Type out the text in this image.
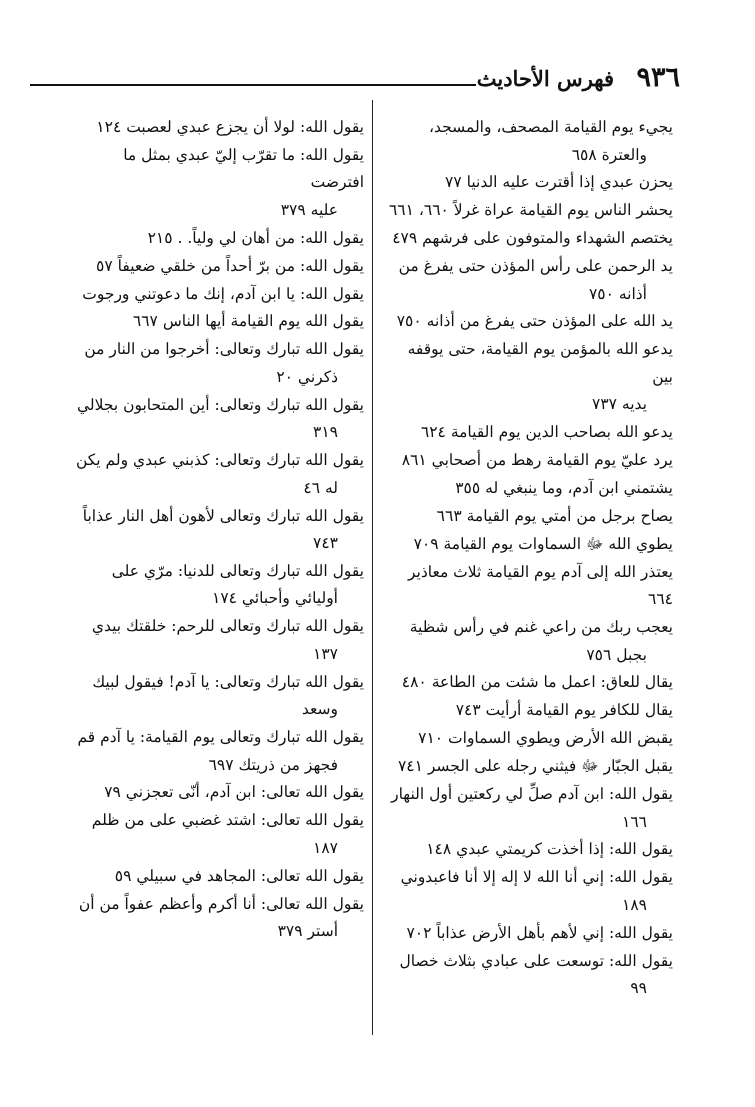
٩٣٦
فهرس الأحاديث
يجيء يوم القيامة المصحف، والمسجد،
والعترة ٦٥٨
يحزن عبدي إذا أقترت عليه الدنيا ٧٧
يحشر الناس يوم القيامة عراة غرلاً ٦٦٠، ٦٦١
يختصم الشهداء والمتوفون على فرشهم ٤٧٩
يد الرحمن على رأس المؤذن حتى يفرغ من
أذانه ٧٥٠
يد الله على المؤذن حتى يفرغ من أذانه ٧٥٠
يدعو الله بالمؤمن يوم القيامة، حتى يوقفه بين
يديه ٧٣٧
يدعو الله بصاحب الدين يوم القيامة ٦٢٤
يرد عليّ يوم القيامة رهط من أصحابي ٨٦١
يشتمني ابن آدم، وما ينبغي له ٣٥٥
يصاح برجل من أمتي يوم القيامة ٦٦٣
يطوي الله ﷻ السماوات يوم القيامة ٧٠٩
يعتذر الله إلى آدم يوم القيامة ثلاث معاذير ٦٦٤
يعجب ربك من راعي غنم في رأس شظية
بجبل ٧٥٦
يقال للعاق: اعمل ما شئت من الطاعة ٤٨٠
يقال للكافر يوم القيامة أرأيت ٧٤٣
يقبض الله الأرض ويطوي السماوات ٧١٠
يقبل الجبّار ﷻ فيثني رجله على الجسر ٧٤١
يقول الله: ابن آدم صلِّ لي ركعتين أول النهار
١٦٦
يقول الله: إذا أخذت كريمتي عبدي ١٤٨
يقول الله: إني أنا الله لا إله إلا أنا فاعبدوني
١٨٩
يقول الله: إني لأهم بأهل الأرض عذاباً ٧٠٢
يقول الله: توسعت على عبادي بثلاث خصال
٩٩
يقول الله: لولا أن يجزع عبدي لعصبت ١٢٤
يقول الله: ما تقرّب إليّ عبدي بمثل ما افترضت
عليه ٣٧٩
يقول الله: من أهان لي ولياً. . ٢١٥
يقول الله: من برّ أحداً من خلقي ضعيفاً ٥٧
يقول الله: يا ابن آدم، إنك ما دعوتني ورجوت
يقول الله يوم القيامة أيها الناس ٦٦٧
يقول الله تبارك وتعالى: أخرجوا من النار من
ذكرني ٢٠
يقول الله تبارك وتعالى: أين المتحابون بجلالي
٣١٩
يقول الله تبارك وتعالى: كذبني عبدي ولم يكن
له ٤٦
يقول الله تبارك وتعالى لأهون أهل النار عذاباً
٧٤٣
يقول الله تبارك وتعالى للدنيا: مرّي على
أوليائي وأحبائي ١٧٤
يقول الله تبارك وتعالى للرحم: خلقتك بيدي
١٣٧
يقول الله تبارك وتعالى: يا آدم! فيقول لبيك
وسعد
يقول الله تبارك وتعالى يوم القيامة: يا آدم قم
فجهز من ذريتك ٦٩٧
يقول الله تعالى: ابن آدم، أنّى تعجزني ٧٩
يقول الله تعالى: اشتد غضبي على من ظلم
١٨٧
يقول الله تعالى: المجاهد في سبيلي ٥٩
يقول الله تعالى: أنا أكرم وأعظم عفواً من أن
أستر ٣٧٩
